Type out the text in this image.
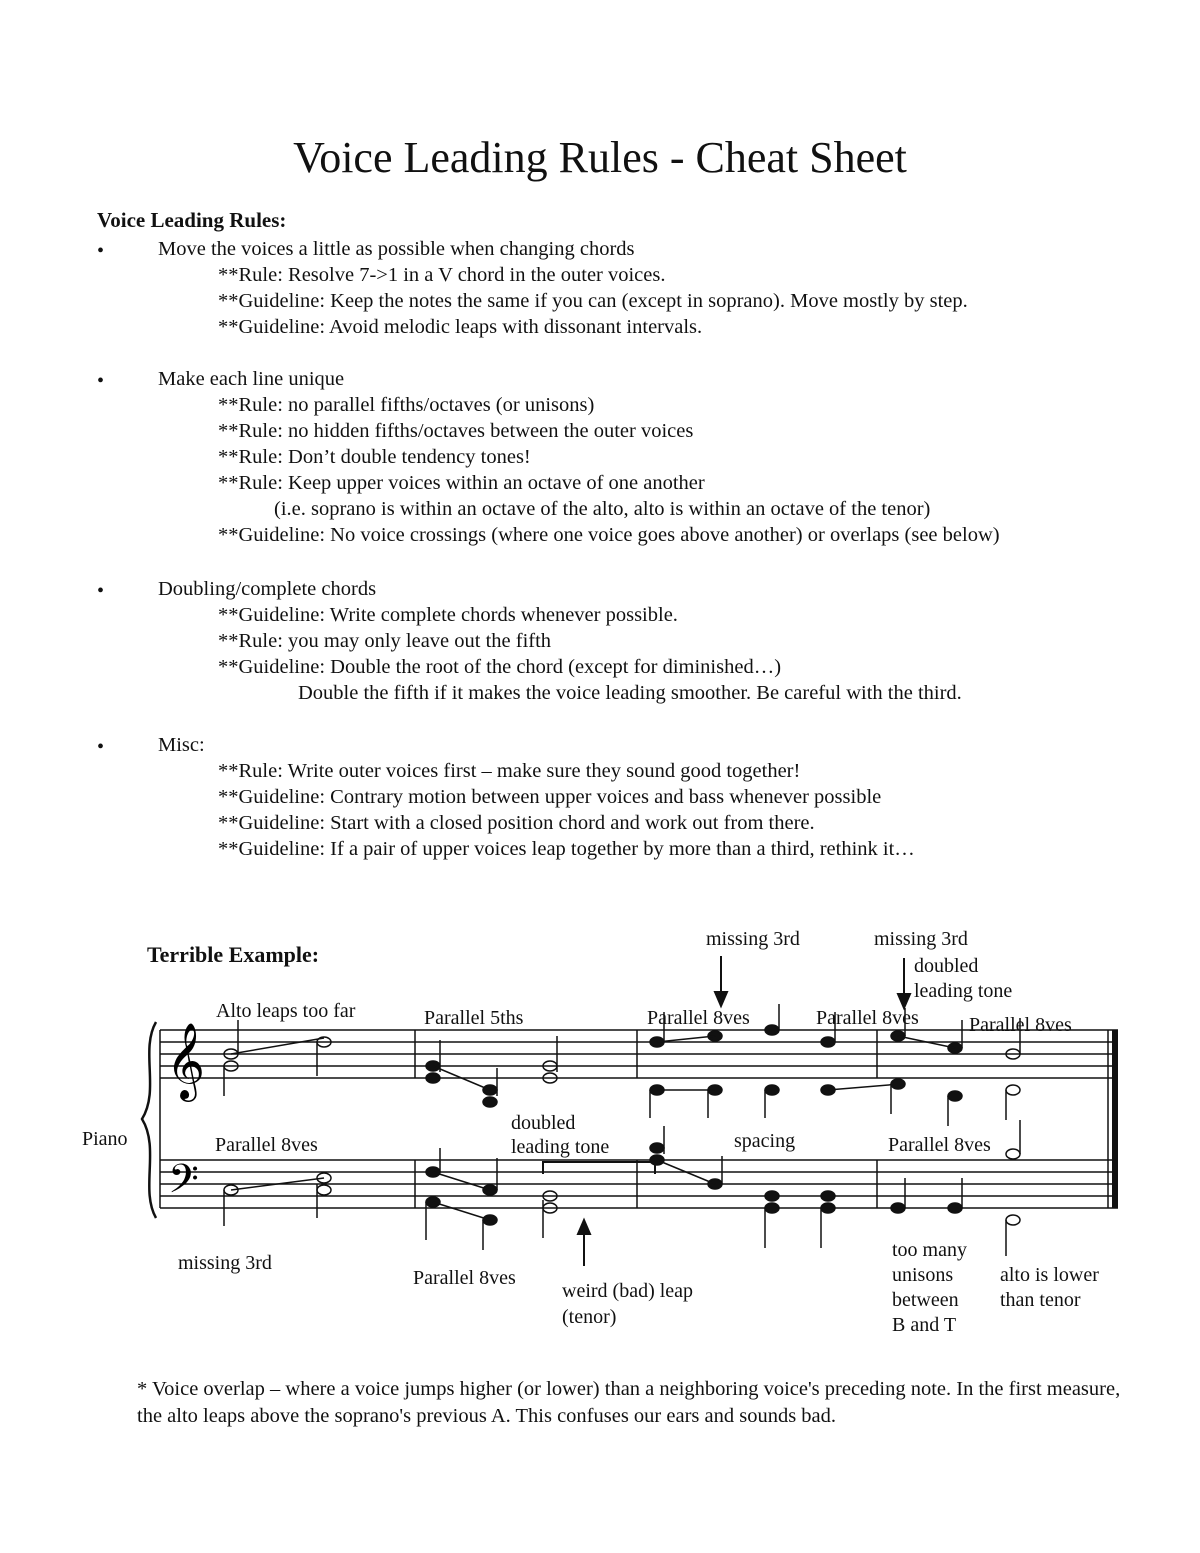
Voice Leading Rules - Cheat Sheet
Voice Leading Rules:
•	Move the voices a little as possible when changing chords
**Rule: Resolve 7->1 in a V chord in the outer voices.
**Guideline: Keep the notes the same if you can (except in soprano). Move mostly by step.
**Guideline: Avoid melodic leaps with dissonant intervals.
•	Make each line unique
**Rule: no parallel fifths/octaves (or unisons)
**Rule: no hidden fifths/octaves between the outer voices
**Rule: Don’t double tendency tones!
**Rule: Keep upper voices within an octave of one another
(i.e. soprano is within an octave of the alto, alto is within an octave of the tenor)
**Guideline: No voice crossings (where one voice goes above another) or overlaps (see below)
•	Doubling/complete chords
**Guideline: Write complete chords whenever possible.
**Rule: you may only leave out the fifth
**Guideline: Double the root of the chord (except for diminished…)
Double the fifth if it makes the voice leading smoother. Be careful with the third.
•	Misc:
**Rule: Write outer voices first – make sure they sound good together!
**Guideline: Contrary motion between upper voices and bass whenever possible
**Guideline: Start with a closed position chord and work out from there.
**Guideline: If a pair of upper voices leap together by more than a third, rethink it…
𝄞
𝄢
Terrible Example:
Piano
Alto leaps too far	Parallel 5ths
missing 3rd	missing 3rd
doubled
leading tone
Parallel 8ves	Parallel 8ves	Parallel 8ves
Parallel 8ves
doubled
leading tone	spacing	Parallel 8ves
missing 3rd
Parallel 8ves
weird (bad) leap
(tenor)
too many
unisons
between
B and T
alto is lower
than tenor
* Voice overlap – where a voice jumps higher (or lower) than a neighboring voice's preceding note. In the first measure, the alto leaps above the soprano's previous A. This confuses our ears and sounds bad.
